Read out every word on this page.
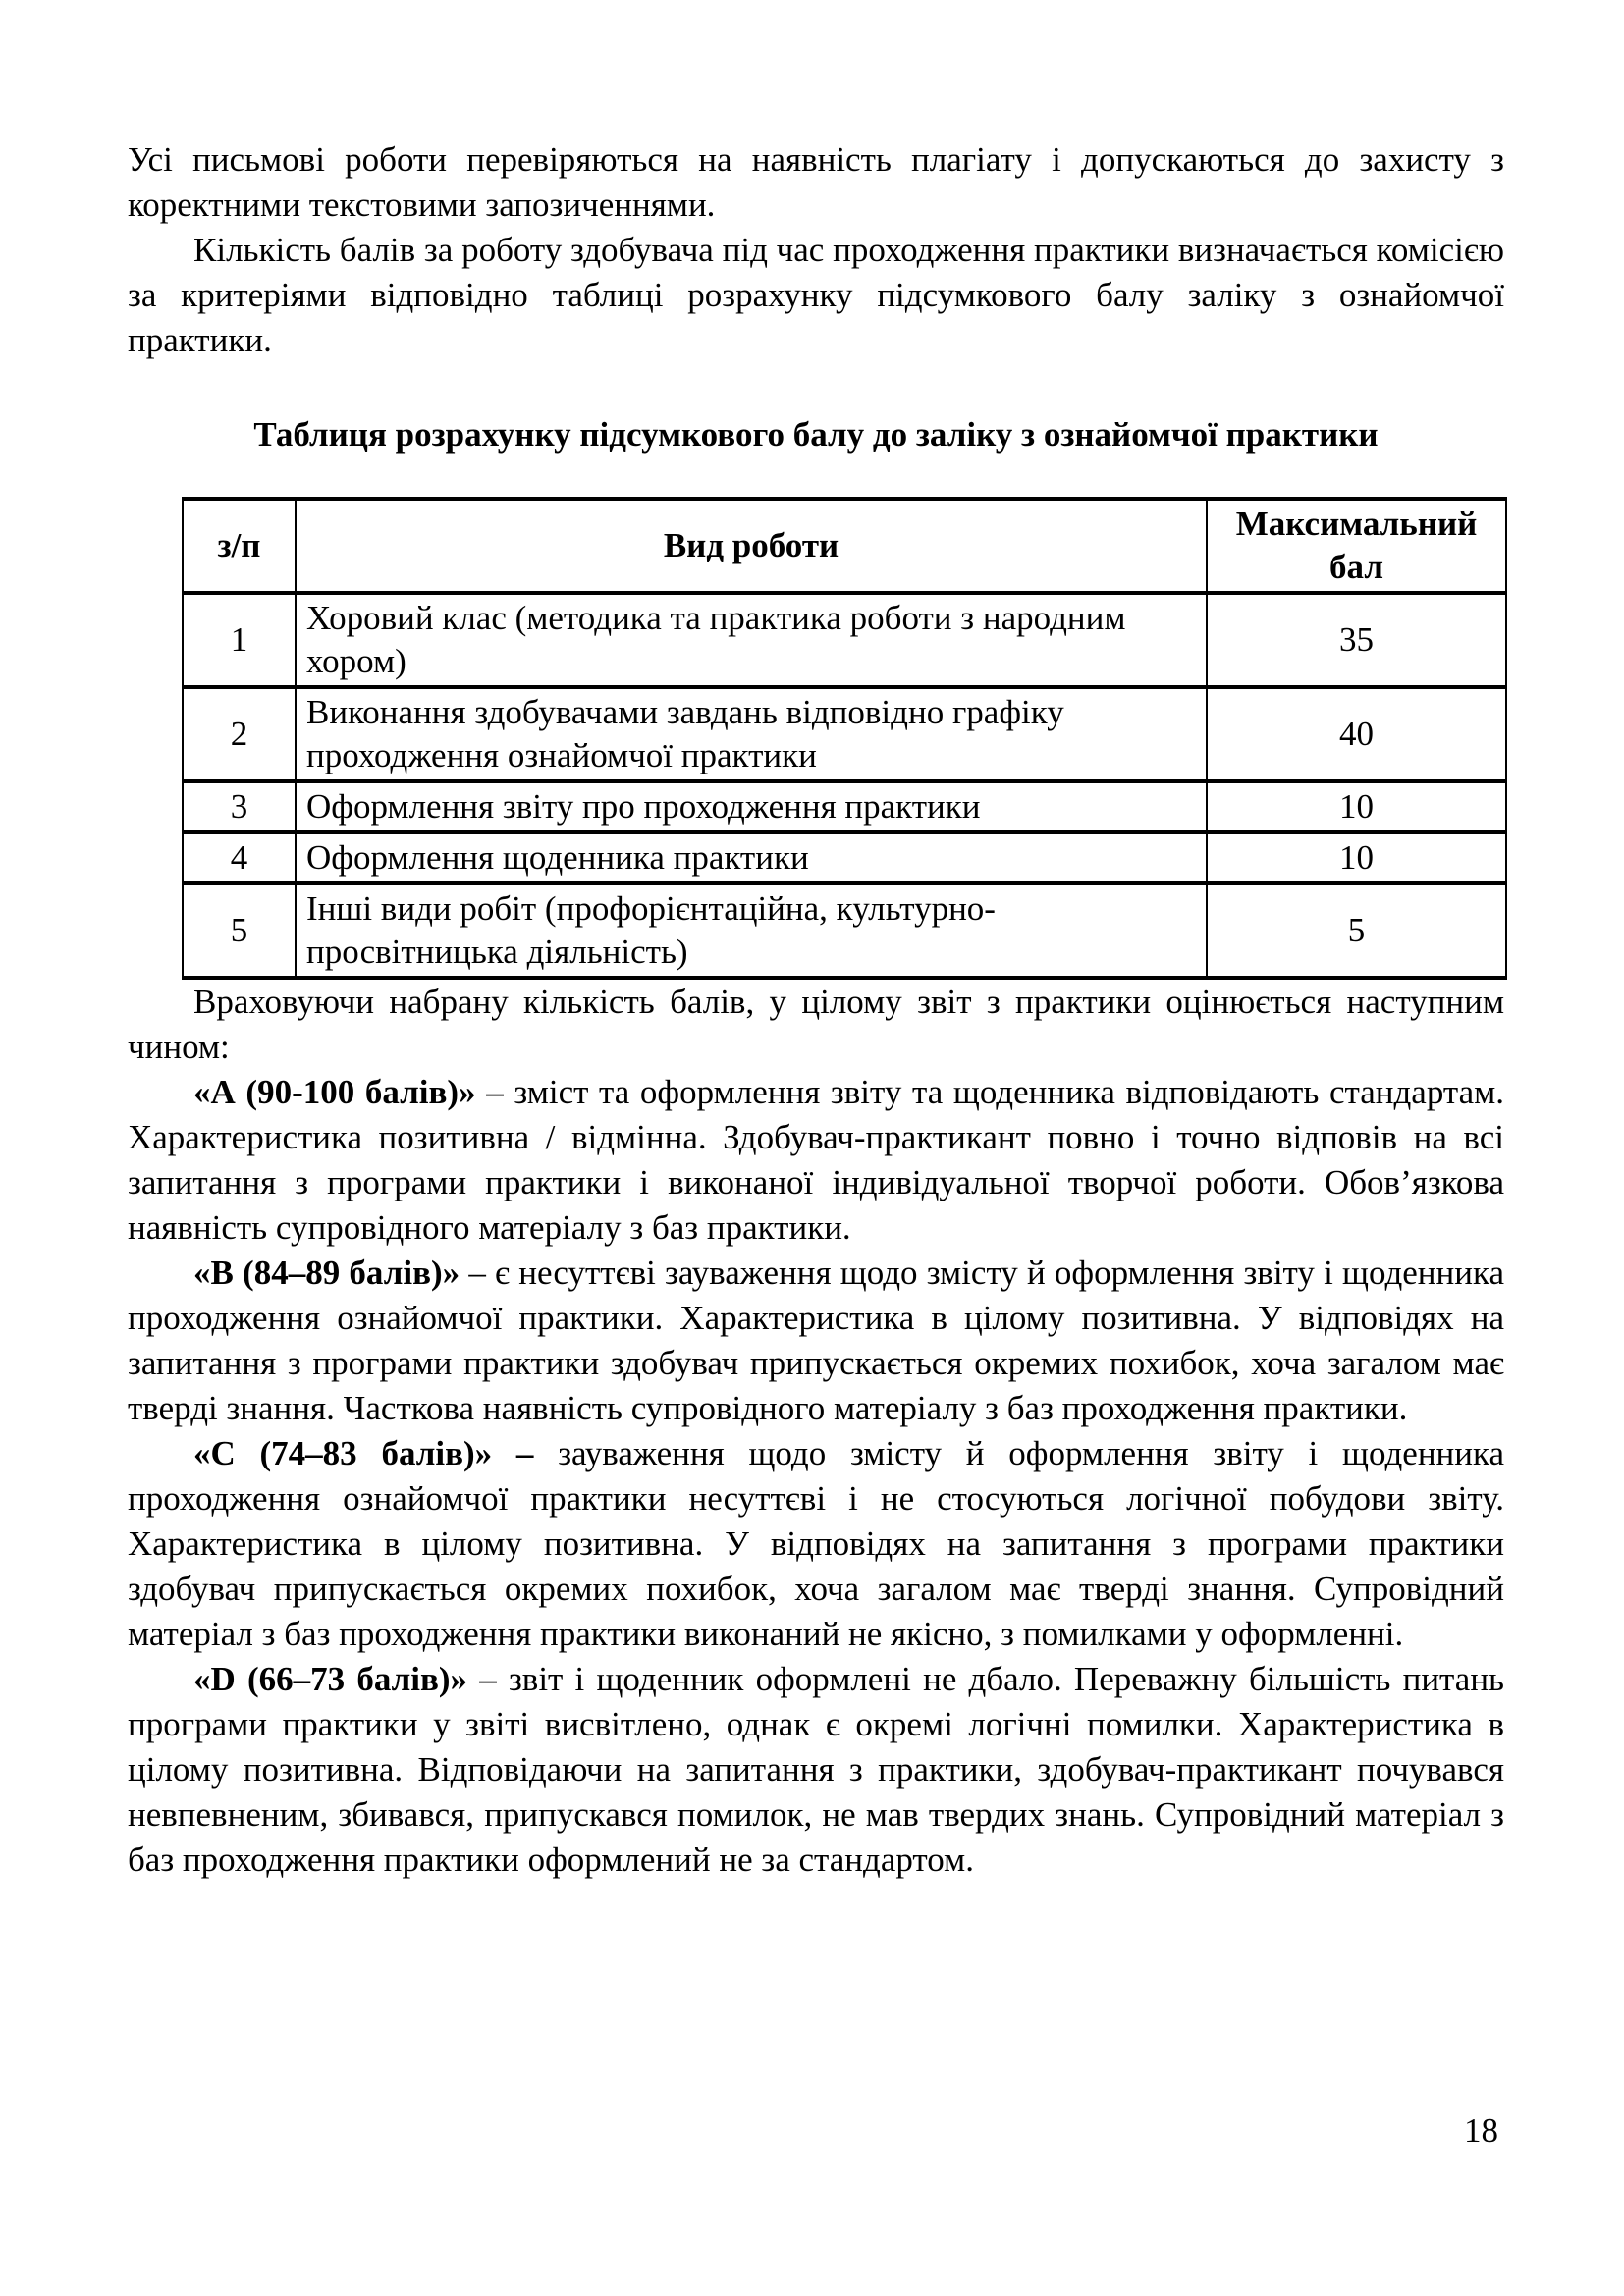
Усі письмові роботи перевіряються на наявність плагіату і допускаються до захисту з коректними текстовими запозиченнями.

Кількість балів за роботу здобувача під час проходження практики визначається комісією за критеріями відповідно таблиці розрахунку підсумкового балу заліку з ознайомчої практики.

Таблиця розрахунку підсумкового балу до заліку з ознайомчої практики

з/п	Вид роботи	Максимальний бал
1	Хоровий клас (методика та практика роботи з народним хором)	35
2	Виконання здобувачами завдань відповідно графіку проходження ознайомчої практики	40
3	Оформлення звіту про проходження практики	10
4	Оформлення щоденника практики	10
5	Інші види робіт (профорієнтаційна, культурно-просвітницька діяльність)	5

Враховуючи набрану кількість балів, у цілому звіт з практики оцінюється наступним чином:

«А (90-100 балів)» – зміст та оформлення звіту та щоденника відповідають стандартам. Характеристика позитивна / відмінна. Здобувач-практикант повно і точно відповів на всі запитання з програми практики і виконаної індивідуальної творчої роботи. Обов’язкова наявність супровідного матеріалу з баз практики.

«В (84–89 балів)» – є несуттєві зауваження щодо змісту й оформлення звіту і щоденника проходження ознайомчої практики. Характеристика в цілому позитивна. У відповідях на запитання з програми практики здобувач припускається окремих похибок, хоча загалом має тверді знання. Часткова наявність супровідного матеріалу з баз проходження практики.

«С (74–83 балів)» – зауваження щодо змісту й оформлення звіту і щоденника проходження ознайомчої практики несуттєві і не стосуються логічної побудови звіту. Характеристика в цілому позитивна. У відповідях на запитання з програми практики здобувач припускається окремих похибок, хоча загалом має тверді знання. Супровідний матеріал з баз проходження практики виконаний не якісно, з помилками у оформленні.

«D (66–73 балів)» – звіт і щоденник оформлені не дбало. Переважну більшість питань програми практики у звіті висвітлено, однак є окремі логічні помилки. Характеристика в цілому позитивна. Відповідаючи на запитання з практики, здобувач-практикант почувався невпевненим, збивався, припускався помилок, не мав твердих знань. Супровідний матеріал з баз проходження практики оформлений не за стандартом.

18
